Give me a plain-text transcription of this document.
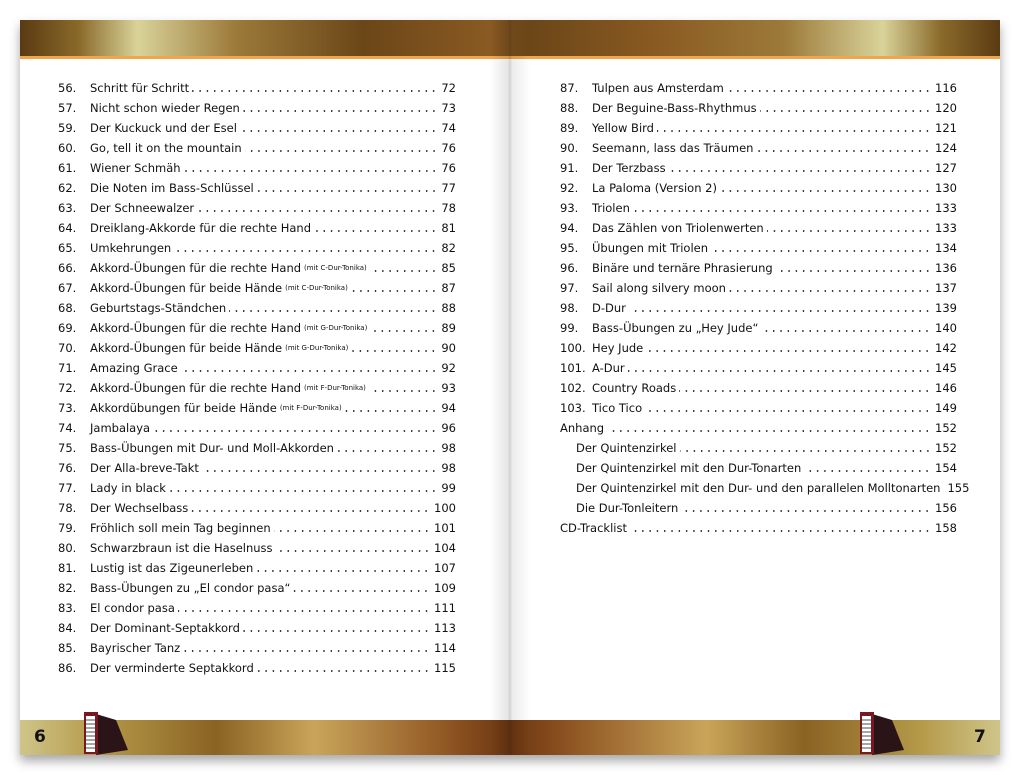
56.	Schritt für Schritt	72
57.	Nicht schon wieder Regen	73
59.	Der Kuckuck und der Esel	74
60.	Go, tell it on the mountain	76
61.	Wiener Schmäh	76
62.	Die Noten im Bass-Schlüssel	77
63.	Der Schneewalzer	78
64.	Dreiklang-Akkorde für die rechte Hand	81
65.	Umkehrungen	82
66.	Akkord-Übungen für die rechte Hand (mit C-Dur-Tonika)	85
67.	Akkord-Übungen für beide Hände (mit C-Dur-Tonika)	87
68.	Geburtstags-Ständchen	88
69.	Akkord-Übungen für die rechte Hand (mit G-Dur-Tonika)	89
70.	Akkord-Übungen für beide Hände (mit G-Dur-Tonika)	90
71.	Amazing Grace	92
72.	Akkord-Übungen für die rechte Hand (mit F-Dur-Tonika)	93
73.	Akkordübungen für beide Hände (mit F-Dur-Tonika)	94
74.	Jambalaya	96
75.	Bass-Übungen mit Dur- und Moll-Akkorden	98
76.	Der Alla-breve-Takt	98
77.	Lady in black	99
78.	Der Wechselbass	100
79.	Fröhlich soll mein Tag beginnen	101
80.	Schwarzbraun ist die Haselnuss	104
81.	Lustig ist das Zigeunerleben	107
82.	Bass-Übungen zu „El condor pasa“	109
83.	El condor pasa	111
84.	Der Dominant-Septakkord	113
85.	Bayrischer Tanz	114
86.	Der verminderte Septakkord	115
87.	Tulpen aus Amsterdam	116
88.	Der Beguine-Bass-Rhythmus	120
89.	Yellow Bird	121
90.	Seemann, lass das Träumen	124
91.	Der Terzbass	127
92.	La Paloma (Version 2)	130
93.	Triolen	133
94.	Das Zählen von Triolenwerten	133
95.	Übungen mit Triolen	134
96.	Binäre und ternäre Phrasierung	136
97.	Sail along silvery moon	137
98.	D-Dur	139
99.	Bass-Übungen zu „Hey Jude“	140
100. Hey Jude	142
101. A-Dur	145
102. Country Roads	146
103. Tico Tico	149
Anhang	152
Der Quintenzirkel	152
Der Quintenzirkel mit den Dur-Tonarten	154
Der Quintenzirkel mit den Dur- und den parallelen Molltonarten 155
Die Dur-Tonleitern	156
CD-Tracklist	158
6	7
